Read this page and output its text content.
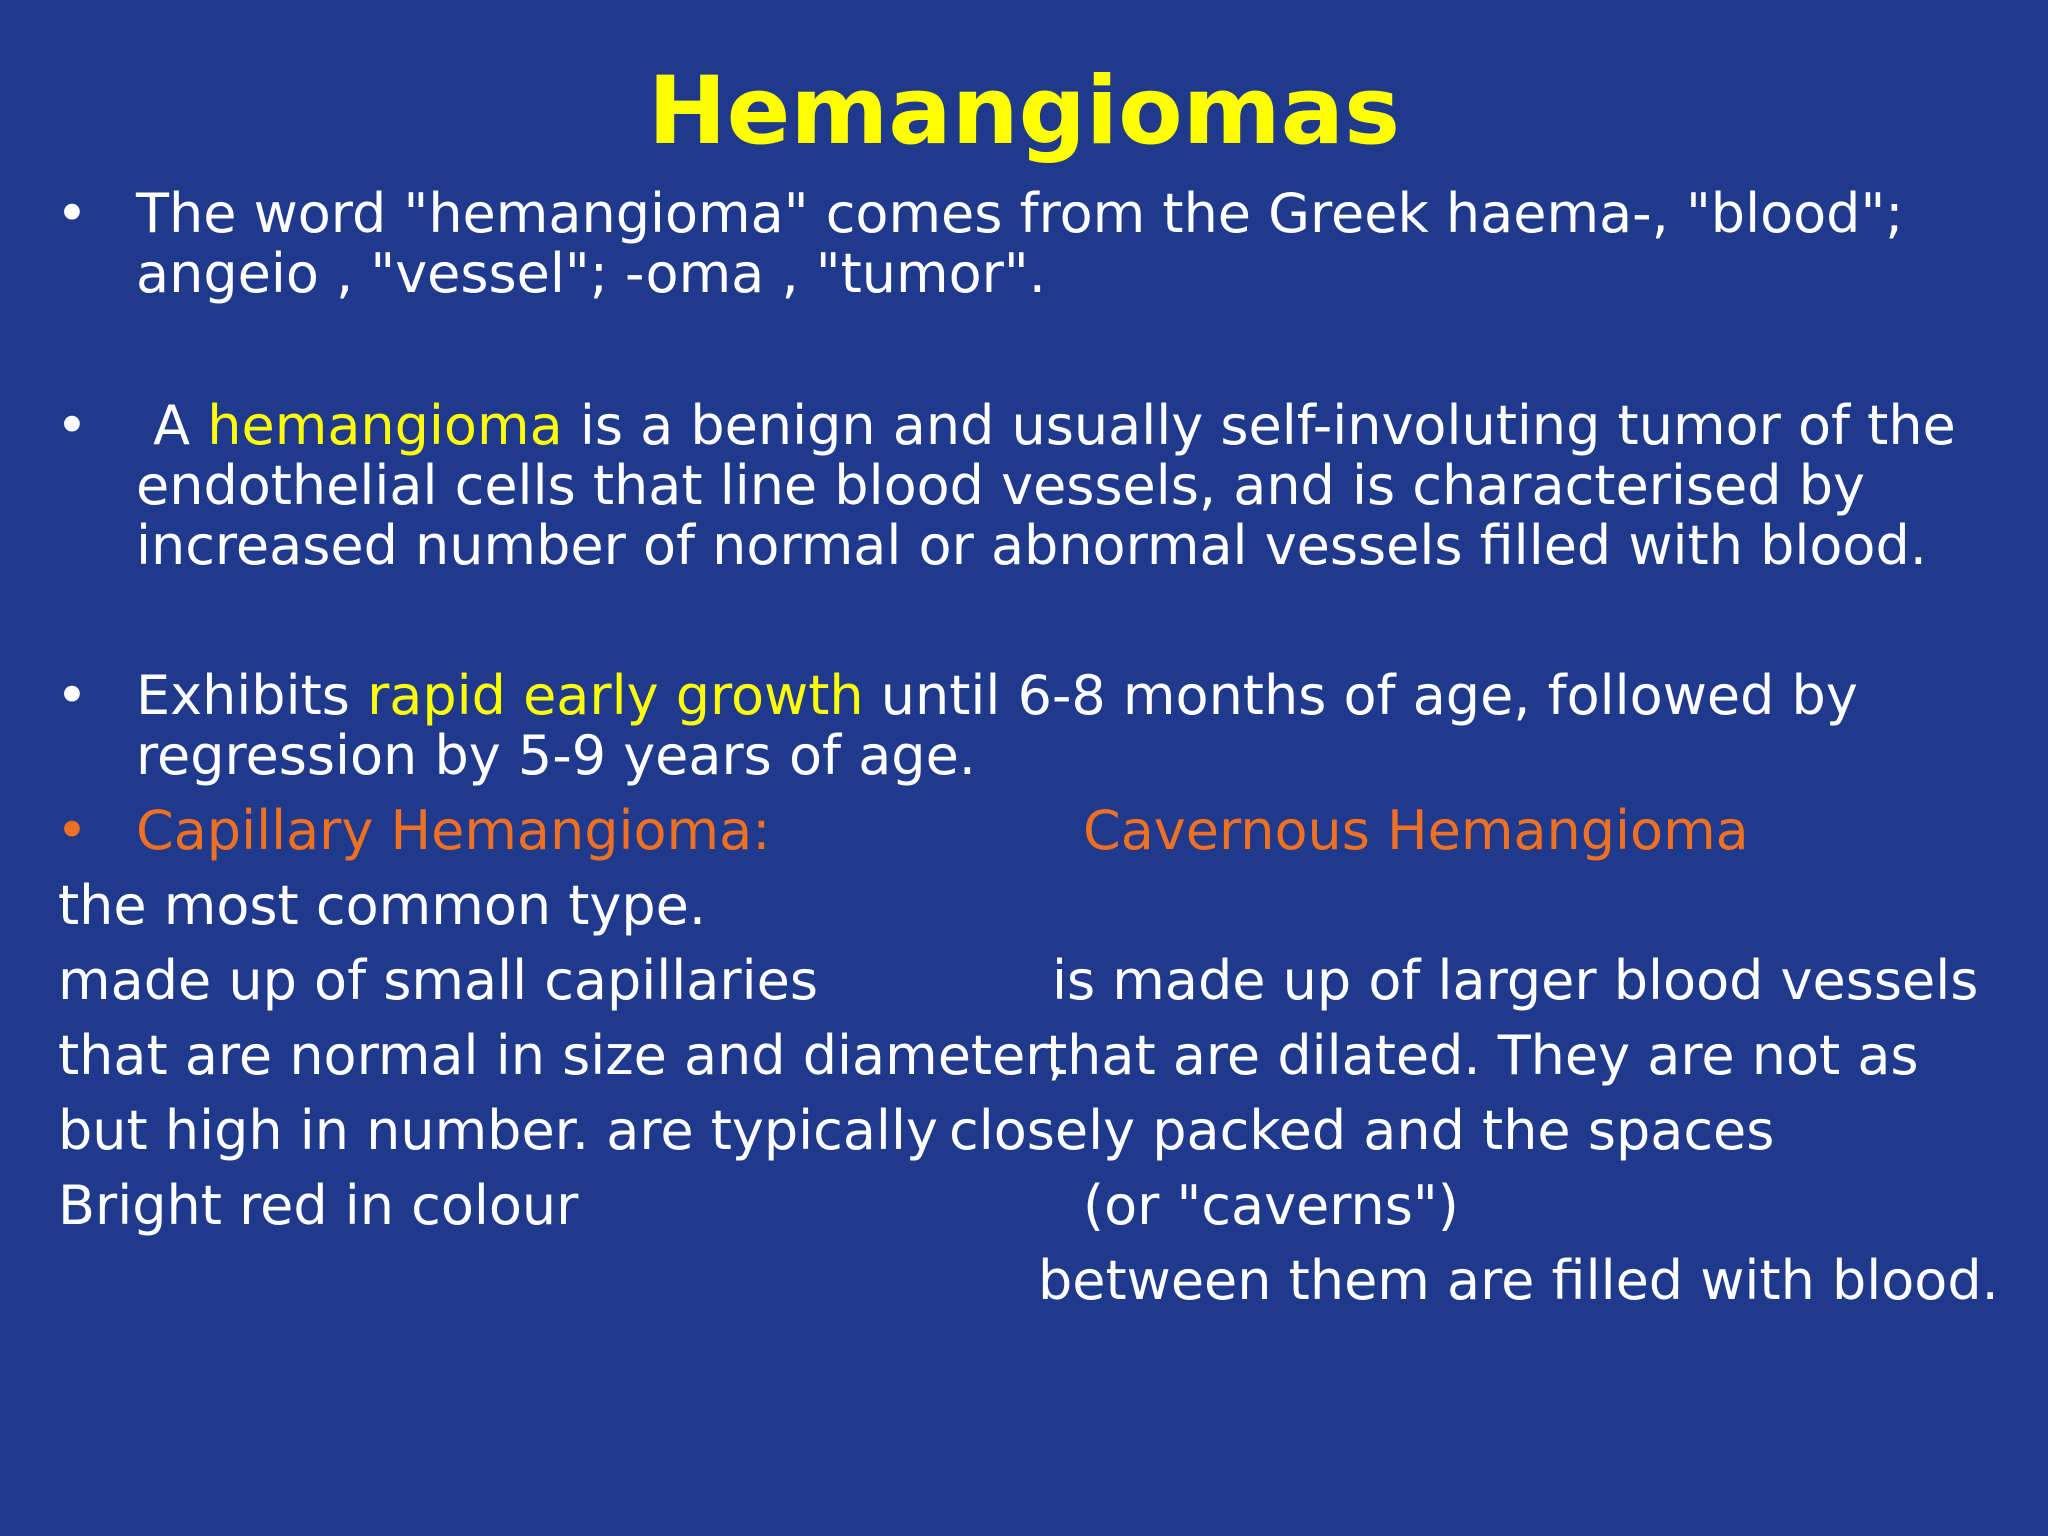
Hemangiomas
• The word "hemangioma" comes from the Greek haema-, "blood"; angeio , "vessel"; -oma , "tumor".
• A hemangioma is a benign and usually self-involuting tumor of the endothelial cells that line blood vessels, and is characterised by increased number of normal or abnormal vessels filled with blood.
• Exhibits rapid early growth until 6-8 months of age, followed by regression by 5-9 years of age.
• Capillary Hemangioma:	Cavernous Hemangioma
the most common type.
made up of small capillaries
that are normal in size and diameter,
but high in number. are typically
Bright red in colour
is made up of larger blood vessels
that are dilated. They are not as
closely packed and the spaces
(or "caverns")
between them are filled with blood.
